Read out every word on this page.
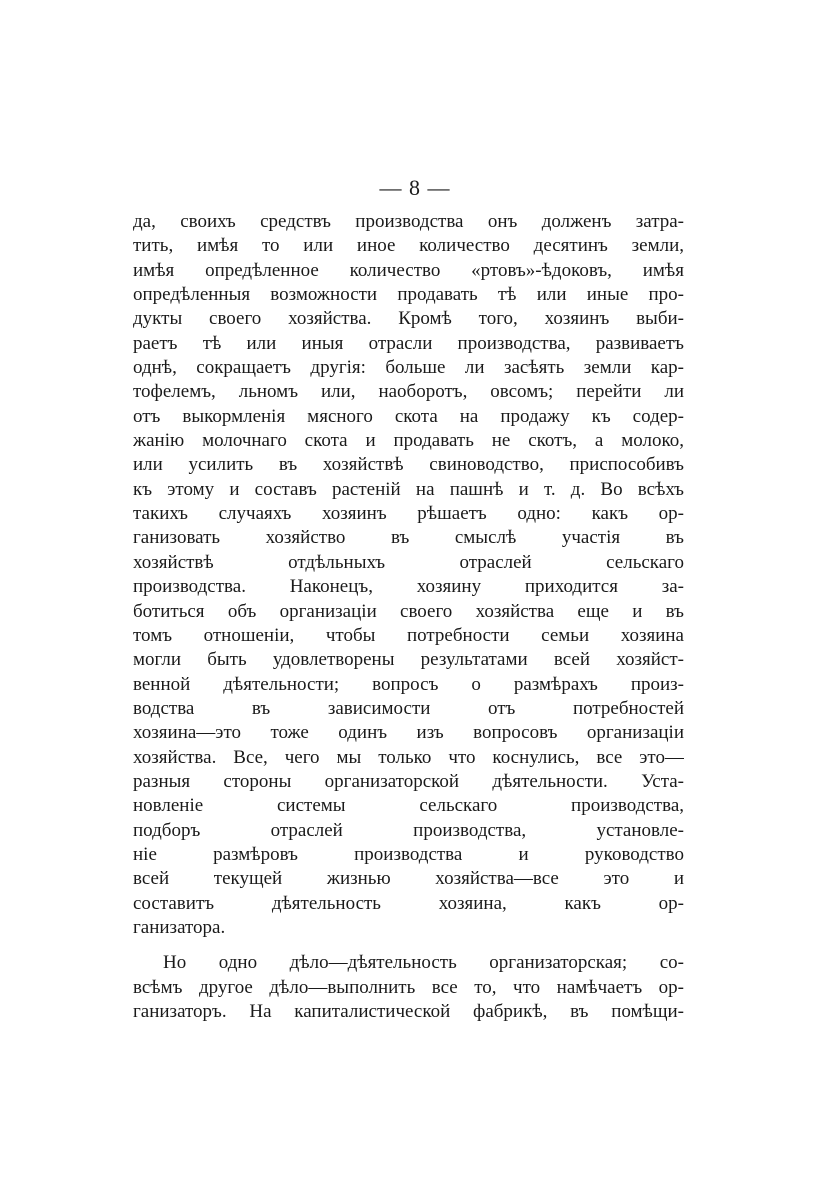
— 8 —
да, своихъ средствъ производства онъ долженъ затра-
тить, имѣя то или иное количество десятинъ земли,
имѣя опредѣленное количество «ртовъ»-ѣдоковъ, имѣя
опредѣленныя возможности продавать тѣ или иные про-
дукты своего хозяйства. Кромѣ того, хозяинъ выби-
раетъ тѣ или иныя отрасли производства, развиваетъ
однѣ, сокращаетъ другія: больше ли засѣять земли кар-
тофелемъ, льномъ или, наоборотъ, овсомъ; перейти ли
отъ выкормленія мясного скота на продажу къ содер-
жанію молочнаго скота и продавать не скотъ, а молоко,
или усилить въ хозяйствѣ свиноводство, приспособивъ
къ этому и составъ растеній на пашнѣ и т. д. Во всѣхъ
такихъ случаяхъ хозяинъ рѣшаетъ одно: какъ ор-
ганизовать хозяйство въ смыслѣ участія въ
хозяйствѣ отдѣльныхъ отраслей сельскаго
производства. Наконецъ, хозяину приходится за-
ботиться объ организаціи своего хозяйства еще и въ
томъ отношеніи, чтобы потребности семьи хозяина
могли быть удовлетворены результатами всей хозяйст-
венной дѣятельности; вопросъ о размѣрахъ произ-
водства въ зависимости отъ потребностей
хозяина—это тоже одинъ изъ вопросовъ организаціи
хозяйства. Все, чего мы только что коснулись, все это—
разныя стороны организаторской дѣятельности. Уста-
новленіе системы сельскаго производства,
подборъ отраслей производства, установле-
ніе размѣровъ производства и руководство
всей текущей жизнью хозяйства—все это и
составитъ дѣятельность хозяина, какъ ор-
ганизатора.
Но одно дѣло—дѣятельность организаторская; со-
всѣмъ другое дѣло—выполнить все то, что намѣчаетъ ор-
ганизаторъ. На капиталистической фабрикѣ, въ помѣщи-
